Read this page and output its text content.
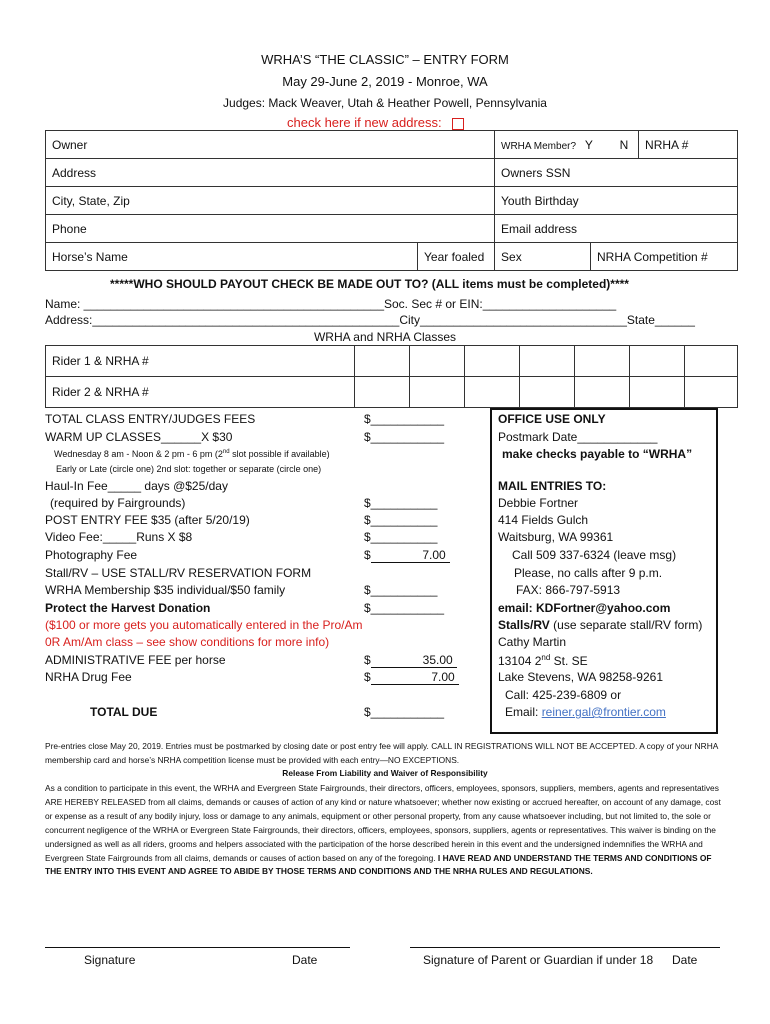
WRHA’S “THE CLASSIC” – ENTRY FORM
May 29-June 2, 2019 - Monroe, WA
Judges: Mack Weaver, Utah & Heather Powell, Pennsylvania
check here if new address:
Owner		WRHA Member? Y N		NRHA #
Address		Owners SSN		
City, State, Zip		Youth Birthday		
Phone		Email address		
Horse’s Name	Year foaled	Sex	NRHA Competition #	
*****WHO SHOULD PAYOUT CHECK BE MADE OUT TO? (ALL items must be completed)****
Name: _____________________________________________Soc. Sec # or EIN:____________________
Address:______________________________________________City_______________________________State______
WRHA and NRHA Classes
Rider 1 & NRHA #							
Rider 2 & NRHA #							
TOTAL CLASS ENTRY/JUDGES FEES	$___________
WARM UP CLASSES______X $30	$___________
Wednesday 8 am - Noon & 2 pm - 6 pm (2nd slot possible if available)
Early or Late (circle one) 2nd slot: together or separate (circle one)
Haul-In Fee_____ days @$25/day
(required by Fairgrounds)	$__________
POST ENTRY FEE $35 (after 5/20/19)	$__________
Video Fee:_____Runs X $8	$__________
Photography Fee	$	7.00
Stall/RV – USE STALL/RV RESERVATION FORM
WRHA Membership $35 individual/$50 family	$__________
Protect the Harvest Donation	$___________
($100 or more gets you automatically entered in the Pro/Am
0R Am/Am class – see show conditions for more info)
ADMINISTRATIVE FEE per horse	$	35.00
NRHA Drug Fee	$	7.00
TOTAL DUE	$___________
OFFICE USE ONLY
Postmark Date____________
make checks payable to “WRHA”
MAIL ENTRIES TO:
Debbie Fortner
414 Fields Gulch
Waitsburg, WA 99361
Call 509 337-6324 (leave msg)
Please, no calls after 9 p.m.
FAX: 866-797-5913
email: KDFortner@yahoo.com
Stalls/RV (use separate stall/RV form)
Cathy Martin
13104 2nd St. SE
Lake Stevens, WA 98258-9261
Call: 425-239-6809 or
Email: reiner.gal@frontier.com
Pre-entries close May 20, 2019. Entries must be postmarked by closing date or post entry fee will apply. CALL IN REGISTRATIONS WILL NOT BE ACCEPTED. A copy of your NRHA membership card and horse’s NRHA competition license must be provided with each entry—NO EXCEPTIONS.
Release From Liability and Waiver of Responsibility
As a condition to participate in this event, the WRHA and Evergreen State Fairgrounds, their directors, officers, employees, sponsors, suppliers, members, agents and representatives ARE HEREBY RELEASED from all claims, demands or causes of action of any kind or nature whatsoever; whether now existing or accrued hereafter, on account of any damage, cost or expense as a result of any bodily injury, loss or damage to any animals, equipment or other personal property, from any cause whatsoever including, but not limited to, the sole or concurrent negligence of the WRHA or Evergreen State Fairgrounds, their directors, officers, employees, sponsors, suppliers, agents or representatives. This waiver is binding on the undersigned as well as all riders, grooms and helpers associated with the participation of the horse described herein in this event and the undersigned indemnifies the WRHA and Evergreen State Fairgrounds from all claims, demands or causes of action based on any of the foregoing. I HAVE READ AND UNDERSTAND THE TERMS AND CONDITIONS OF THE ENTRY INTO THIS EVENT AND AGREE TO ABIDE BY THOSE TERMS AND CONDITIONS AND THE NRHA RULES AND REGULATIONS.
Signature	Date	Signature of Parent or Guardian if under 18 Date
